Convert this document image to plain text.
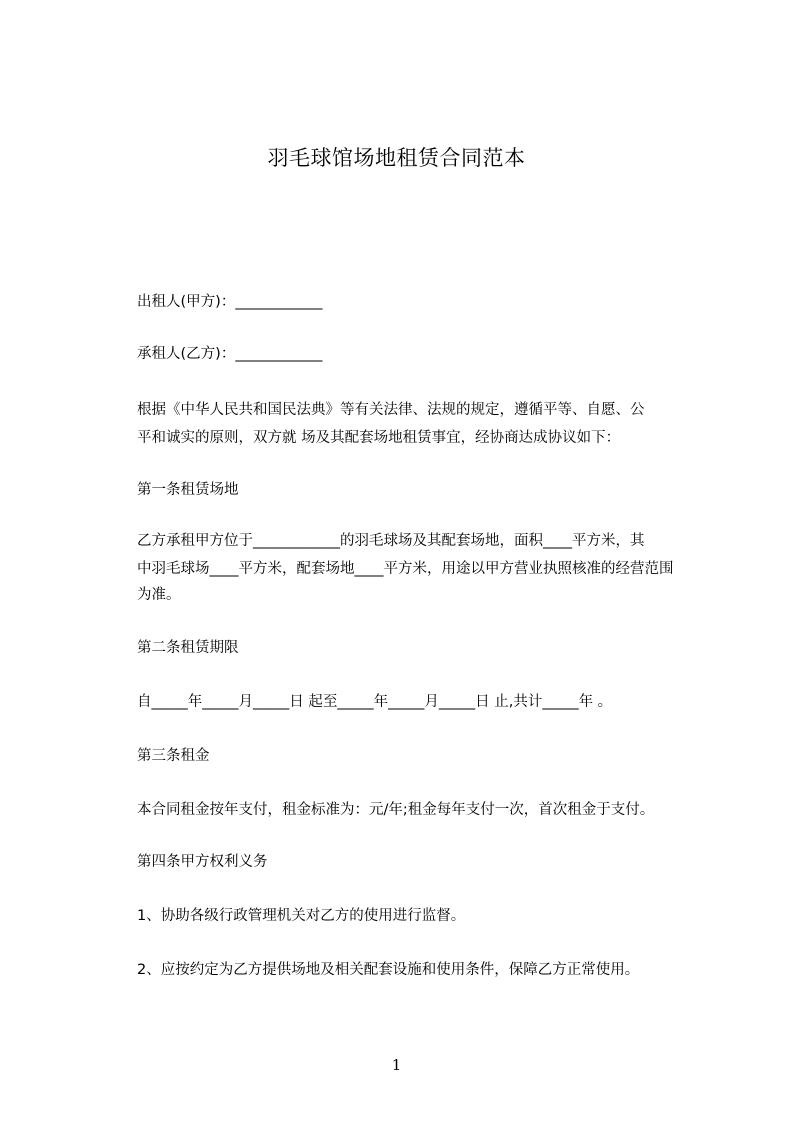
羽毛球馆场地租赁合同范本
出租人(甲方)：____________
承租人(乙方)：____________
根据《中华人民共和国民法典》等有关法律、法规的规定，遵循平等、自愿、公
平和诚实的原则，双方就 场及其配套场地租赁事宜，经协商达成协议如下：
第一条租赁场地
乙方承租甲方位于____________的羽毛球场及其配套场地，面积____平方米，其
中羽毛球场____平方米，配套场地____平方米，用途以甲方营业执照核准的经营范围
为准。
第二条租赁期限
自_____年_____月_____日 起至_____年_____月_____日 止,共计_____年 。
第三条租金
本合同租金按年支付，租金标准为：元/年;租金每年支付一次，首次租金于支付。
第四条甲方权利义务
1、协助各级行政管理机关对乙方的使用进行监督。
2、应按约定为乙方提供场地及相关配套设施和使用条件，保障乙方正常使用。
1
